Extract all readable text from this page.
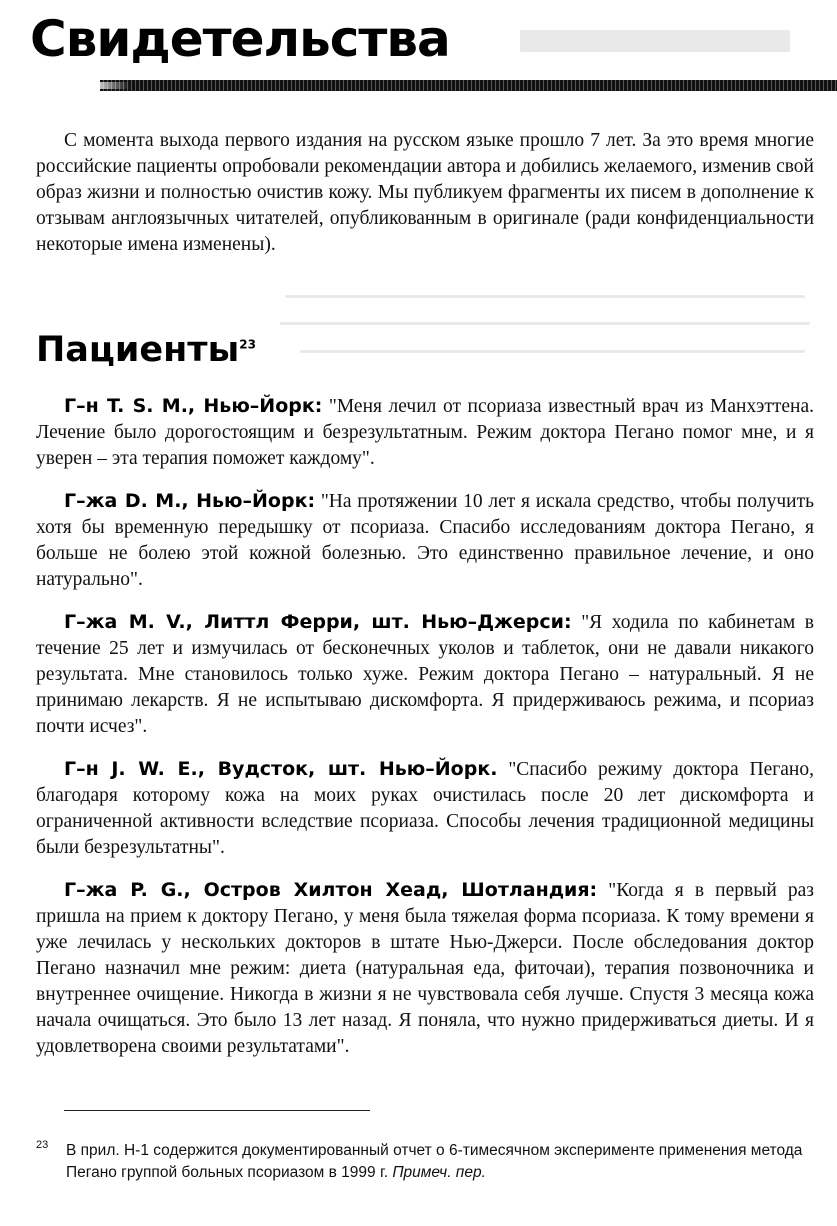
Свидетельства

С момента выхода первого издания на русском языке прошло 7 лет. За это время многие российские пациенты опробовали рекомендации автора и добились желаемого, изменив свой образ жизни и полностью очистив кожу. Мы публикуем фрагменты их писем в дополнение к отзывам англоязычных читателей, опубликованным в оригинале (ради конфиденциальности некоторые имена изменены).

Пациенты$^{23}$

Г–н T. S. M., Нью–Йорк: "Меня лечил от псориаза известный врач из Манхэттена. Лечение было дорогостоящим и безрезультатным. Режим доктора Пегано помог мне, и я уверен – эта терапия поможет каждому".

Г–жа D. M., Нью–Йорк: "На протяжении 10 лет я искала средство, чтобы получить хотя бы временную передышку от псориаза. Спасибо исследованиям доктора Пегано, я больше не болею этой кожной болезнью. Это единственно правильное лечение, и оно натурально".

Г–жа M. V., Литтл Ферри, шт. Нью–Джерси: "Я ходила по кабинетам в течение 25 лет и измучилась от бесконечных уколов и таблеток, они не давали никакого результата. Мне становилось только хуже. Режим доктора Пегано – натуральный. Я не принимаю лекарств. Я не испытываю дискомфорта. Я придерживаюсь режима, и псориаз почти исчез".

Г–н J. W. E., Вудсток, шт. Нью–Йорк. "Спасибо режиму доктора Пегано, благодаря которому кожа на моих руках очистилась после 20 лет дискомфорта и ограниченной активности вследствие псориаза. Способы лечения традиционной медицины были безрезультатны".

Г–жа P. G., Остров Хилтон Хеад, Шотландия: "Когда я в первый раз пришла на прием к доктору Пегано, у меня была тяжелая форма псориаза. К тому времени я уже лечилась у нескольких докторов в штате Нью-Джерси. После обследования доктор Пегано назначил мне режим: диета (натуральная еда, фиточаи), терапия позвоночника и внутреннее очищение. Никогда в жизни я не чувствовала себя лучше. Спустя 3 месяца кожа начала очищаться. Это было 13 лет назад. Я поняла, что нужно придерживаться диеты. И я удовлетворена своими результатами".

23 В прил. Н-1 содержится документированный отчет о 6-тимесячном эксперименте применения метода Пегано группой больных псориазом в 1999 г. Примеч. пер.
